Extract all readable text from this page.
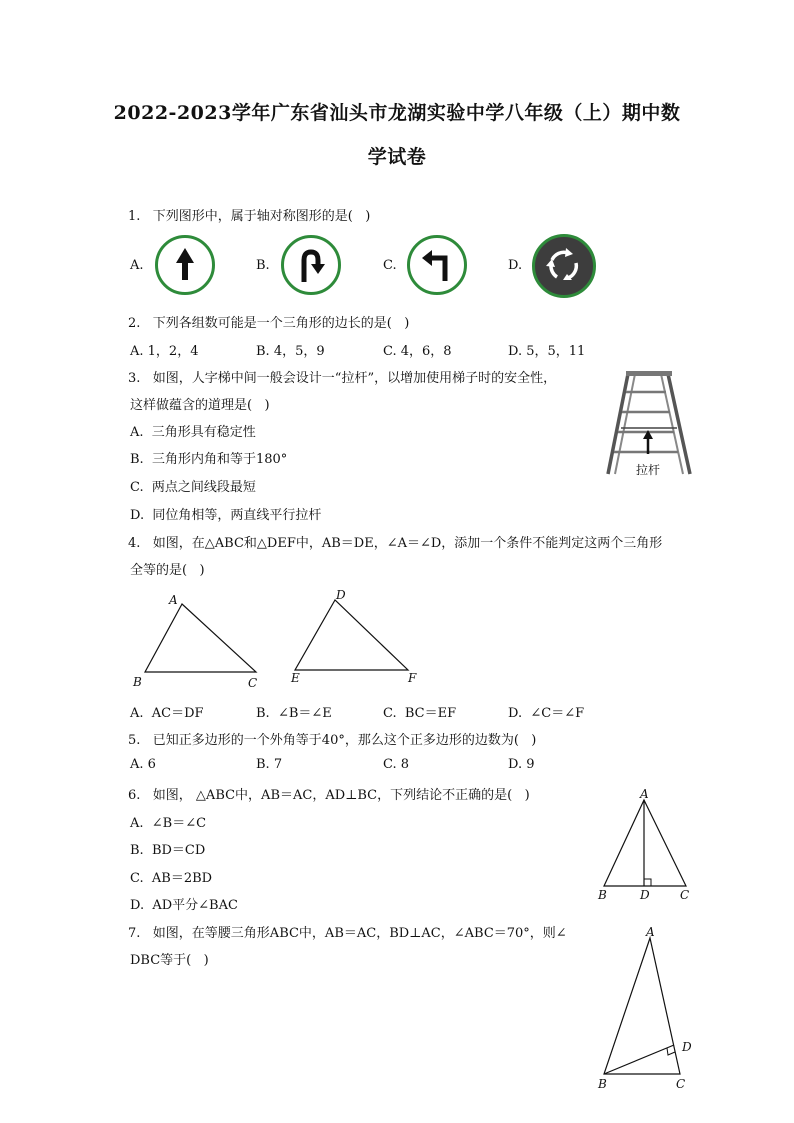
2022-2023学年广东省汕头市龙湖实验中学八年级（上）期中数
学试卷
1.   下列图形中，属于轴对称图形的是(   )
A.	B.	C.	D.
2.   下列各组数可能是一个三角形的边长的是(   )
A. 1，2，4	B. 4，5，9	C. 4，6，8	D. 5，5，11
3.   如图，人字梯中间一般会设计一“拉杆”，以增加使用梯子时的安全性，
这样做蕴含的道理是(   )
A.  三角形具有稳定性
B.  三角形内角和等于180°
C.  两点之间线段最短
D.  同位角相等，两直线平行拉杆
拉杆
4.   如图，在△ABC和△DEF中，AB＝DE，∠A＝∠D，添加一个条件不能判定这两个三角形
全等的是(   )
A
B	C
D
E	F
A.  AC＝DF	B.  ∠B＝∠E	C.  BC＝EF	D.  ∠C＝∠F
5.   已知正多边形的一个外角等于40°，那么这个正多边形的边数为(   )
A. 6	B. 7	C. 8	D. 9
6.   如图， △ABC中，AB＝AC，AD⊥BC，下列结论不正确的是(   )
A.  ∠B＝∠C
B.  BD＝CD
C.  AB＝2BD
D.  AD平分∠BAC
A
B	D	C
7.   如图，在等腰三角形ABC中，AB＝AC，BD⊥AC，∠ABC＝70°，则∠
DBC等于(   )
A
D
B	C
